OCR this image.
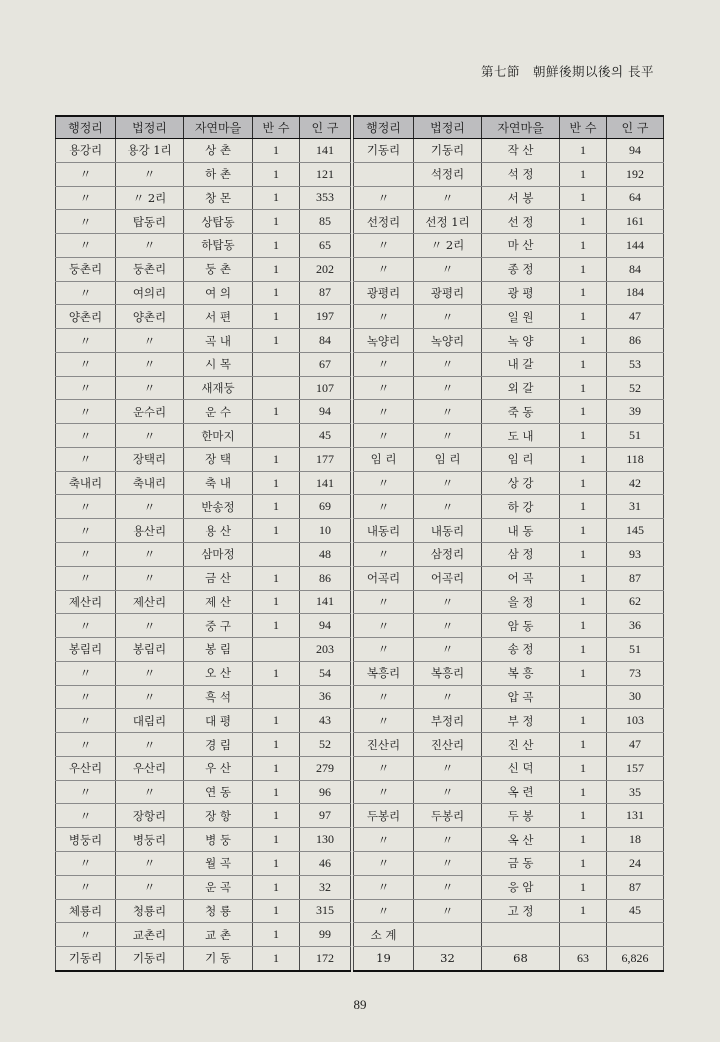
第七節　朝鮮後期以後의 長平
행정리	법정리	자연마을	반 수	인 구
용강리	용강 1리	상 촌	1	141
〃	〃	하 촌	1	121
〃	〃 2리	창 몬	1	353
〃	탑동리	상탑동	1	85
〃	〃	하탑동	1	65
둥촌리	둥촌리	둥 촌	1	202
〃	여의리	여 의	1	87
양촌리	양촌리	서 편	1	197
〃	〃	곡 내	1	84
〃	〃	시 목		67
〃	〃	새재둥		107
〃	운수리	운 수	1	94
〃	〃	한마지		45
〃	장택리	장 택	1	177
축내리	축내리	축 내	1	141
〃	〃	반송정	1	69
〃	용산리	용 산	1	10
〃	〃	삼마정		48
〃	〃	금 산	1	86
제산리	제산리	제 산	1	141
〃	〃	중 구	1	94
봉림리	봉림리	봉 림		203
〃	〃	오 산	1	54
〃	〃	흑 석		36
〃	대림리	대 평	1	43
〃	〃	경 림	1	52
우산리	우산리	우 산	1	279
〃	〃	연 동	1	96
〃	장항리	장 항	1	97
병둥리	병둥리	병 둥	1	130
〃	〃	월 곡	1	46
〃	〃	운 곡	1	32
체룡리	청룡리	청 룡	1	315
〃	교촌리	교 촌	1	99
기동리	기동리	기 동	1	172
행정리	법정리	자연마을	반 수	인 구
기동리	기동리	작 산	1	94
	석정리	석 정	1	192
〃	〃	서 봉	1	64
선정리	선정 1리	선 정	1	161
〃	〃 2리	마 산	1	144
〃	〃	종 정	1	84
광평리	광평리	광 평	1	184
〃	〃	일 원	1	47
녹양리	녹양리	녹 양	1	86
〃	〃	내 갈	1	53
〃	〃	외 갈	1	52
〃	〃	죽 동	1	39
〃	〃	도 내	1	51
임 리	임 리	임 리	1	118
〃	〃	상 강	1	42
〃	〃	하 강	1	31
내동리	내동리	내 동	1	145
〃	삼정리	삼 정	1	93
어곡리	어곡리	어 곡	1	87
〃	〃	을 정	1	62
〃	〃	암 동	1	36
〃	〃	송 정	1	51
복흥리	복흥리	복 흥	1	73
〃	〃	압 곡		30
〃	부정리	부 정	1	103
진산리	진산리	진 산	1	47
〃	〃	신 덕	1	157
〃	〃	옥 련	1	35
두봉리	두봉리	두 봉	1	131
〃	〃	옥 산	1	18
〃	〃	금 동	1	24
〃	〃	응 암	1	87
〃	〃	고 정	1	45
소 계				
19	32	68	63	6,826
89
